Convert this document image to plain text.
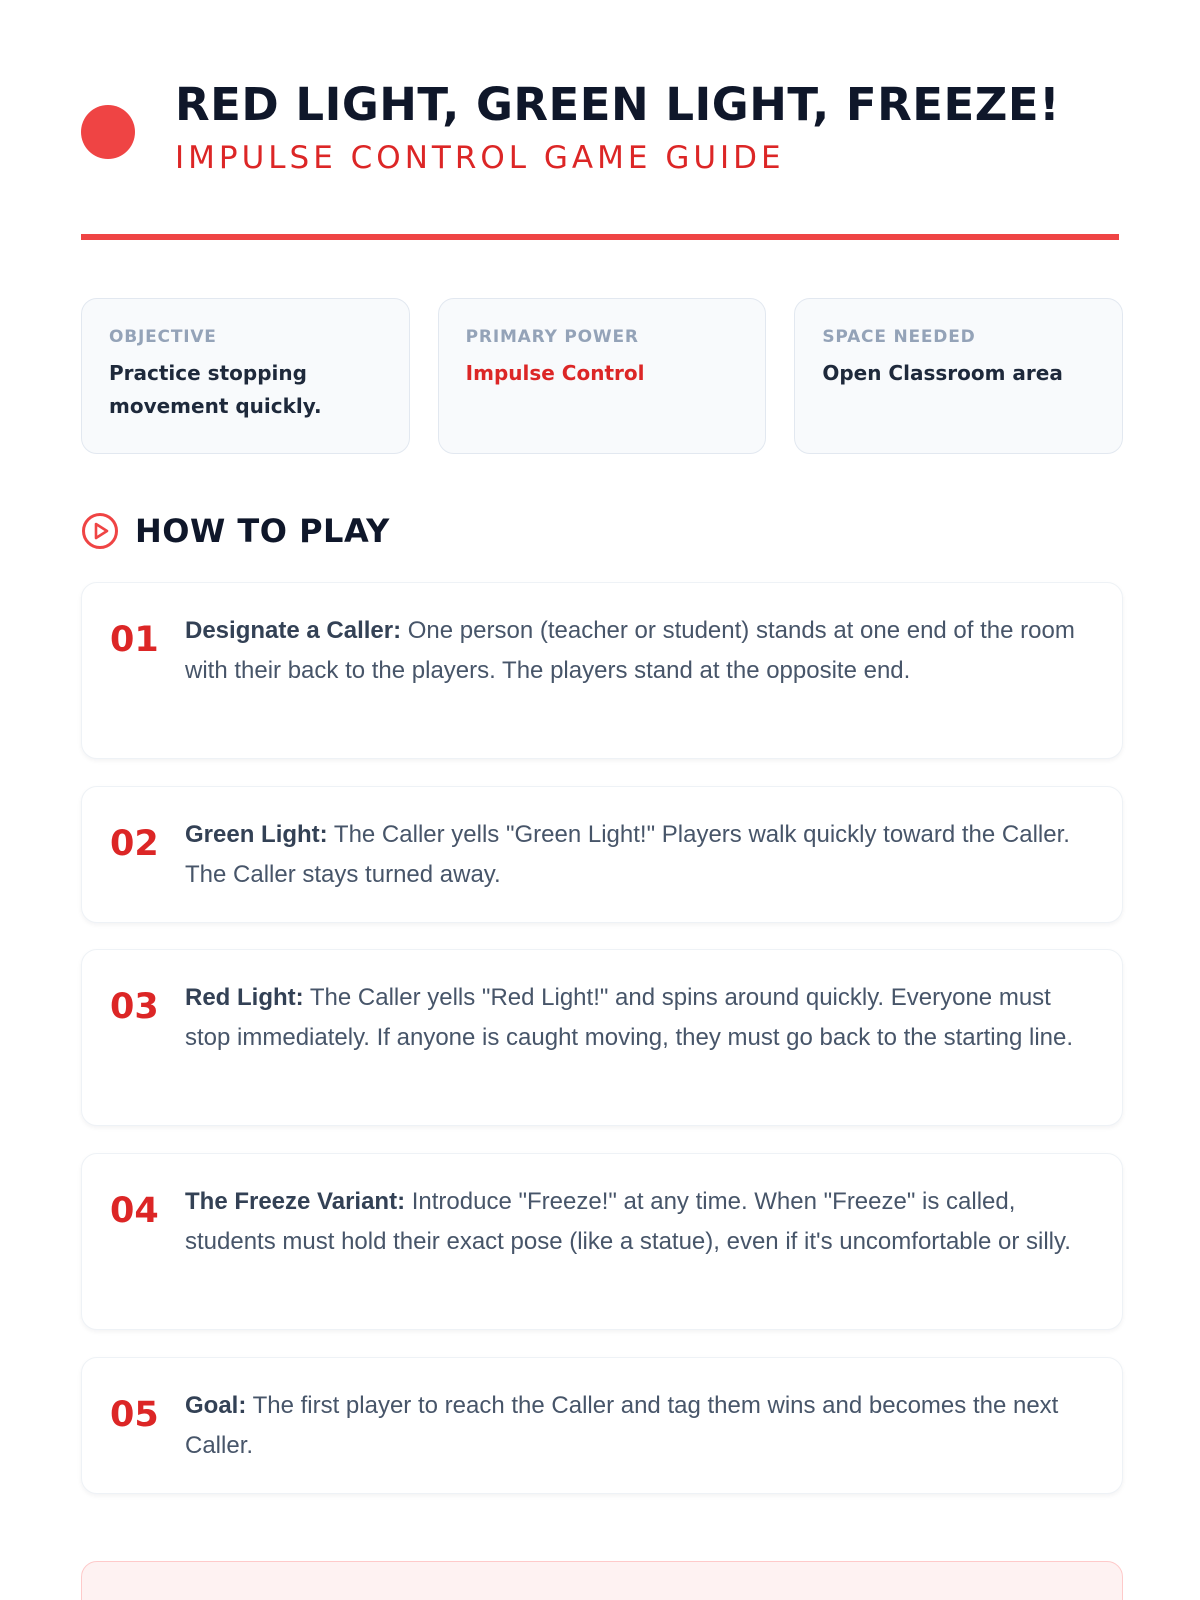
RED LIGHT, GREEN LIGHT, FREEZE!
IMPULSE CONTROL GAME GUIDE
OBJECTIVE
Practice stopping movement quickly.
PRIMARY POWER
Impulse Control
SPACE NEEDED
Open Classroom area
HOW TO PLAY
01	Designate a Caller: One person (teacher or student) stands at one end of the room with their back to the players. The players stand at the opposite end.
02	Green Light: The Caller yells "Green Light!" Players walk quickly toward the Caller. The Caller stays turned away.
03	Red Light: The Caller yells "Red Light!" and spins around quickly. Everyone must stop immediately. If anyone is caught moving, they must go back to the starting line.
04	The Freeze Variant: Introduce "Freeze!" at any time. When "Freeze" is called, students must hold their exact pose (like a statue), even if it's uncomfortable or silly.
05	Goal: The first player to reach the Caller and tag them wins and becomes the next Caller.
